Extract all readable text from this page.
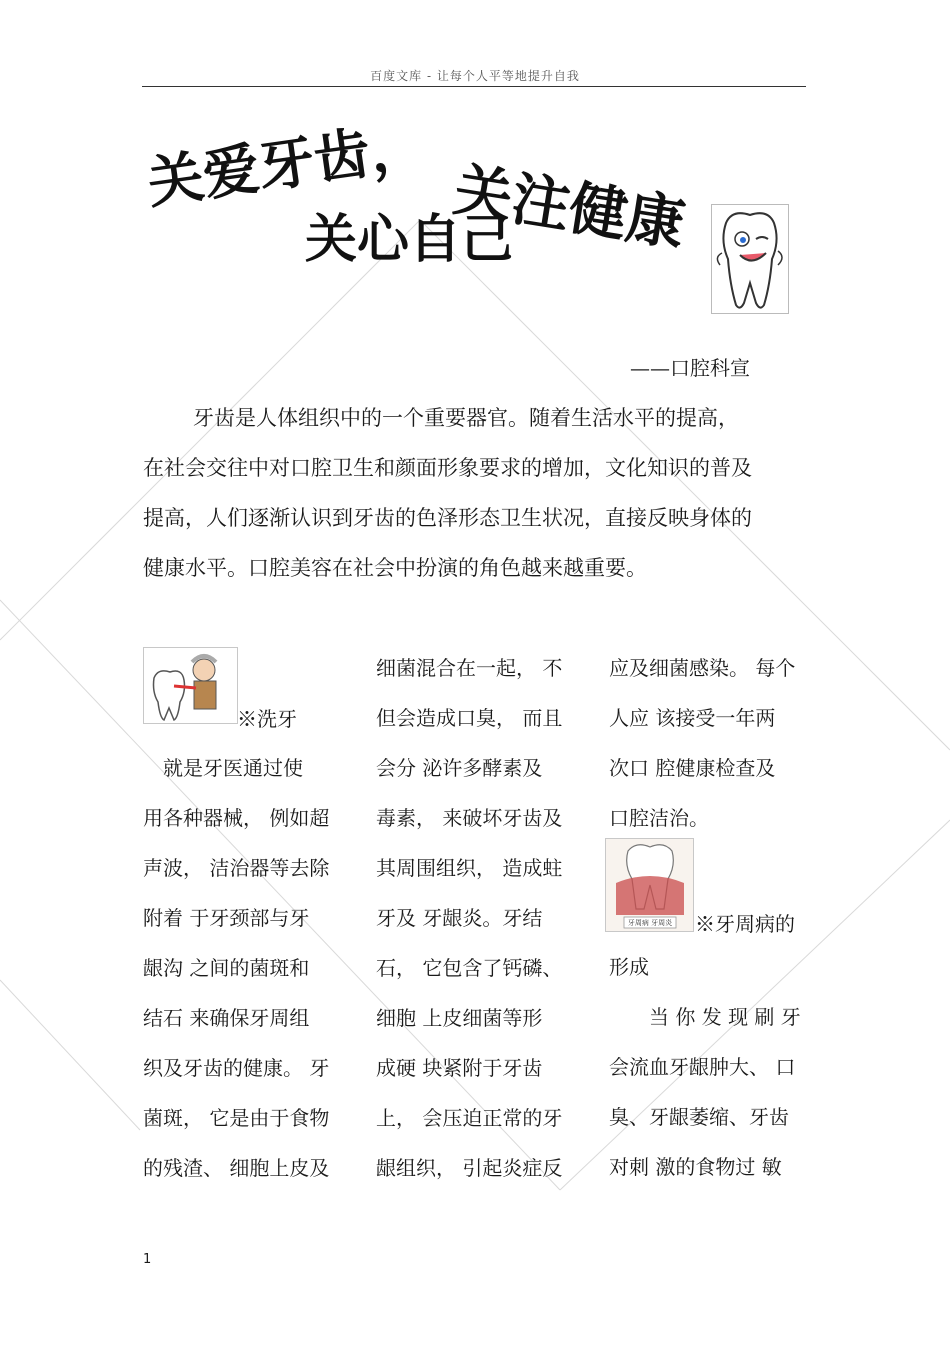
百度文库 - 让每个人平等地提升自我
关爱牙齿， 关注健康
关心自己
——口腔科宣

牙齿是人体组织中的一个重要器官。随着生活水平的提高，在社会交往中对口腔卫生和颜面形象要求的增加，文化知识的普及提高，人们逐渐认识到牙齿的色泽形态卫生状况，直接反映身体的健康水平。口腔美容在社会中扮演的角色越来越重要。

※洗牙
　就是牙医通过使
用各种器械， 例如超
声波， 洁治器等去除
附着 于牙颈部与牙
龈沟 之间的菌斑和
结石 来确保牙周组
织及牙齿的健康。 牙
菌斑， 它是由于食物
的残渣、 细胞上皮及
细菌混合在一起， 不
但会造成口臭， 而且
会分 泌许多酵素及
毒素， 来破坏牙齿及
其周围组织， 造成蛀
牙及 牙龈炎。牙结
石， 它包含了钙磷、
细胞 上皮细菌等形
成硬 块紧附于牙齿
上， 会压迫正常的牙
龈组织， 引起炎症反
应及细菌感染。 每个
人应 该接受一年两
次口 腔健康检查及
口腔洁治。
牙周病 牙周炎 ※牙周病的
形成
　　当 你 发 现 刷 牙
会流血牙龈肿大、 口
臭、牙龈萎缩、牙齿
对刺 激的食物过 敏
1
